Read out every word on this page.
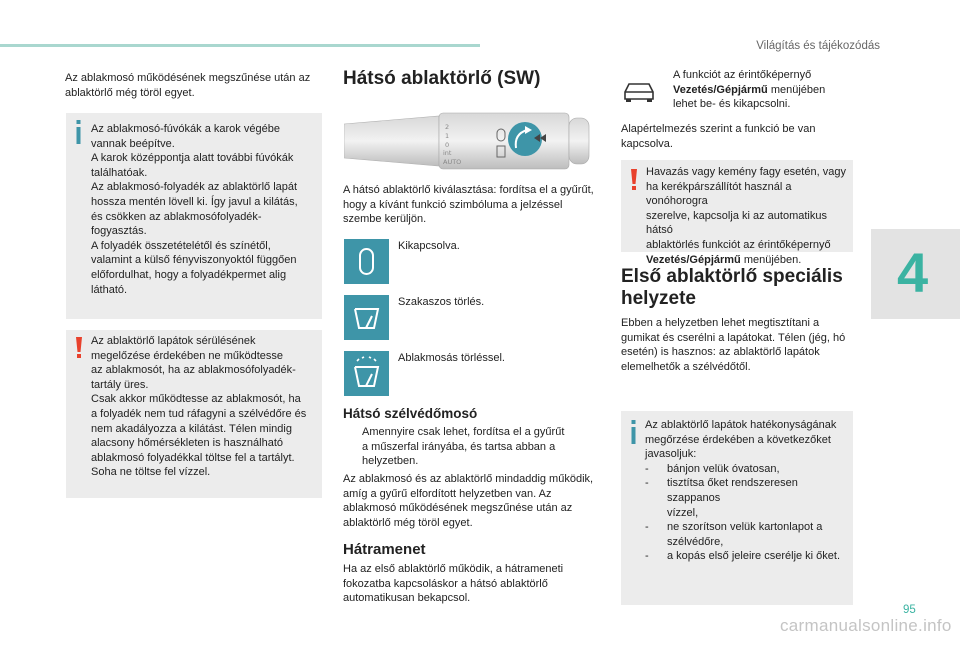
Világítás és tájékozódás
4

Az ablakmosó működésének megszűnése után az ablaktörlő még töröl egyet.

Az ablakmosó-fúvókák a karok végébe

vannak beépítve.

A karok középpontja alatt további fúvókák

találhatóak.

Az ablakmosó-folyadék az ablaktörlő lapát

hossza mentén lövell ki. Így javul a kilátás,

és csökken az ablakmosófolyadék-

fogyasztás.

A folyadék összetételétől és színétől,

valamint a külső fényviszonyoktól függően

előfordulhat, hogy a folyadékpermet alig

látható.

Az ablaktörlő lapátok sérülésének

megelőzése érdekében ne működtesse

az ablakmosót, ha az ablakmosófolyadék-

tartály üres.

Csak akkor működtesse az ablakmosót, ha

a folyadék nem tud ráfagyni a szélvédőre és

nem akadályozza a kilátást. Télen mindig

alacsony hőmérsékleten is használható

ablakmosó folyadékkal töltse fel a tartályt.

Soha ne töltse fel vízzel.

Hátsó ablaktörlő (SW)
2
1
0
int
AUTO

A hátsó ablaktörlő kiválasztása: fordítsa el a gyűrűt, hogy a kívánt funkció szimbóluma a jelzéssel szembe kerüljön.

Kikapcsolva.
Szakaszos törlés.
Ablakmosás törléssel.
Hátsó szélvédőmosó

Amennyire csak lehet, fordítsa el a gyűrűt

a műszerfal irányába, és tartsa abban a

helyzetben.

Az ablakmosó és az ablaktörlő mindaddig működik, amíg a gyűrű elfordított helyzetben van. Az ablakmosó működésének megszűnése után az ablaktörlő még töröl egyet.

Hátramenet

Ha az első ablaktörlő működik, a hátrameneti fokozatba kapcsoláskor a hátsó ablaktörlő automatikusan bekapcsol.

A funkciót az érintőképernyő

Vezetés/Gépjármű menüjében

lehet be- és kikapcsolni.

Alapértelmezés szerint a funkció be van kapcsolva.

Havazás vagy kemény fagy esetén, vagy

ha kerékpárszállítót használ a vonóhorogra

szerelve, kapcsolja ki az automatikus hátsó

ablaktörlés funkciót az érintőképernyő

Vezetés/Gépjármű menüjében.

Első ablaktörlő speciális
helyzete

Ebben a helyzetben lehet megtisztítani a gumikat és cserélni a lapátokat. Télen (jég, hó esetén) is hasznos: az ablaktörlő lapátok elemelhetők a szélvédőtől.

Az ablaktörlő lapátok hatékonyságának

megőrzése érdekében a következőket

javasoljuk:

-	bánjon velük óvatosan,
-	tisztítsa őket rendszeresen szappanos
vízzel,
-	ne szorítson velük kartonlapot a
szélvédőre,
-	a kopás első jeleire cserélje ki őket.
95
carmanualsonline.info
